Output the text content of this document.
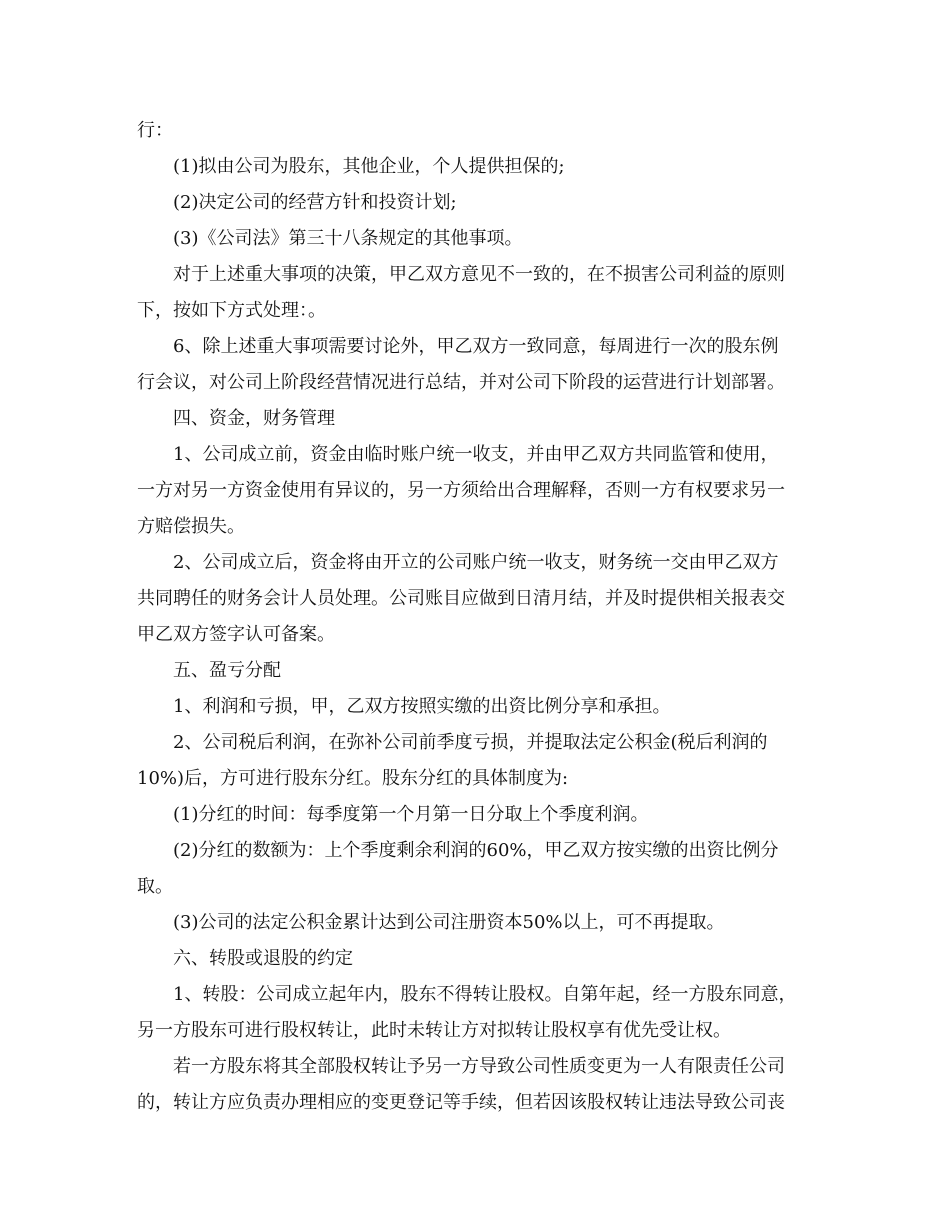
行：
(1)拟由公司为股东，其他企业，个人提供担保的;
(2)决定公司的经营方针和投资计划;
(3)《公司法》第三十八条规定的其他事项。
对于上述重大事项的决策，甲乙双方意见不一致的，在不损害公司利益的原则
下，按如下方式处理：。
6、除上述重大事项需要讨论外，甲乙双方一致同意，每周进行一次的股东例
行会议，对公司上阶段经营情况进行总结，并对公司下阶段的运营进行计划部署。
四、资金，财务管理
1、公司成立前，资金由临时账户统一收支，并由甲乙双方共同监管和使用，
一方对另一方资金使用有异议的，另一方须给出合理解释，否则一方有权要求另一
方赔偿损失。
2、公司成立后，资金将由开立的公司账户统一收支，财务统一交由甲乙双方
共同聘任的财务会计人员处理。公司账目应做到日清月结，并及时提供相关报表交
甲乙双方签字认可备案。
五、盈亏分配
1、利润和亏损，甲，乙双方按照实缴的出资比例分享和承担。
2、公司税后利润，在弥补公司前季度亏损，并提取法定公积金(税后利润的
10%)后，方可进行股东分红。股东分红的具体制度为:
(1)分红的时间：每季度第一个月第一日分取上个季度利润。
(2)分红的数额为：上个季度剩余利润的60%，甲乙双方按实缴的出资比例分
取。
(3)公司的法定公积金累计达到公司注册资本50%以上，可不再提取。
六、转股或退股的约定
1、转股：公司成立起年内，股东不得转让股权。自第年起，经一方股东同意，
另一方股东可进行股权转让，此时未转让方对拟转让股权享有优先受让权。
若一方股东将其全部股权转让予另一方导致公司性质变更为一人有限责任公司
的，转让方应负责办理相应的变更登记等手续，但若因该股权转让违法导致公司丧
